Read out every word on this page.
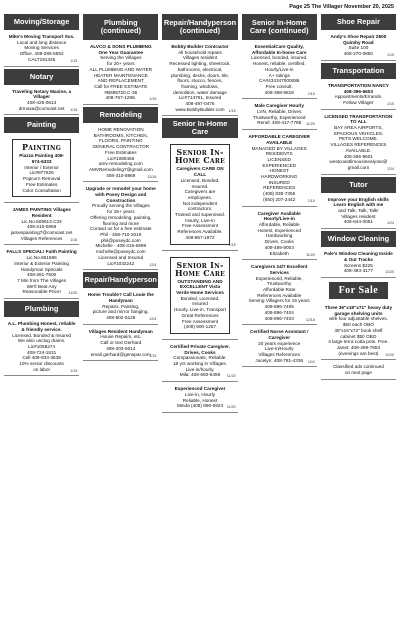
Page 25 The Villager November 20, 2025
Moving/Storage
Mike's Moving Transport Svs.
Local and long distance
Moving Services
Office. 408-286-5552
CALT191326	1/15
Notary
Traveling Notary Maxine, a Villager
408-425-0614
drmaxa@comcast.net	1/15
Painting
Painting
Piazza Painting 408-674-6333
Interior / Exterior
Lic#877626
Popcorn Removal
Free Estimates
Color Consultation
JAMES PAINTING Villages Resident
Lic.No.509613.C33
408-210-0859
jamespainting7@comcast.net
Villages References	1/15
FALLS SPECIAL! Faith Painting
Lic.No.651686
Interior & Exterior Painting
Handyman Specials
408-281-7500
7 Min from The Villages
We'll Beat Any
Reasonable Price!	11/20
Plumbing
A.L. Plumbing Honest, reliable & friendly service.
Licensed, Bonded & Insured
We also unclog drains.
Lic#1058274
408-724-1531
Cell 408-833-3638
10% senior discounts
on labor	1/15
Plumbing (continued)
ALVCO & SONS PLUMBING One Year Guarantee
Serving the Villages
for 20+ years
ALL PLUMBING AND WATER
HEATER MAINTENANCE
AND REPLACEMENT
Call for FREE ESTIMATE
#B585720,C-36
408-767-1298.	1/15
Remodeling
HOME RENOVATION
BATHROOMS, KITCHEN,
FLOORS, PAINTING
GENERAL CONTRACTOR
Free Estimates
Lic#1080465
amv-remodeling.com
AMVRemodeling7@gmail.com
408-310-8969	12/18
Upgrade or remodel your home with Posey Design and Construction
Proudly serving the Villages
for 25+ years
Offering remodeling, painting,
flooring and more
Contact us for a free estimate
Phil - 408-710-2019
phil@poseydc.com
Michelle - 408-315-6998
michelle@poseydc.com
Licensed and Insured
Lic#1032242	12/4
Repair/Handyperson
Home Trouble? Call Louie the Handyman
Repairs, Painting,
picture and mirror hanging.
408-802-6126	12/4
Villages Resident Handyman
House Repairs, etc.
Call or text Gerhard
408-203-6014
email gerhard@gerwpar.com
1/15
Repair/Handyperson (continued)
Bobby Builder Contractor
All household repairs
Villages resident
Recessed lighting, sheetrock,
bathrooms, electrical,
plumbing, decks, doors, tile,
floors, stucco, fences,
framing, windows,
demolition, water damage
Lic#714761, Insured
408-497-0476
www.BobbyBuilder.com	1/15
Senior In-Home Care
Senior In-Home Care
Caregivers CARE ON CALL
Licensed, Bonded, Insured.
Caregivers are employees.
Not independent contractors.
Trained and supervised.
Hourly, Live-in
Free Assessment
References Available.
408-857-1872
1/15
Senior In-Home Care
OUTSTANDING AND EXCELLENT Vista Verde Home Services
Bonded, Licensed, Insured
Hourly, Live-in, Transport
Great References
Free Assessment
(408) 600-1257
Certified Private Caregiver. Drives, Cooks
Compassionate, Reliable.
18 yrs working in Villages.
Live-in/hourly.
Mila: 408-660-6459	11/20
Experienced Caregiver
Live-in, Hourly
Reliable, Honest
Minda (408) 890-6923	11/20
Senior In-Home Care (continued)
EssentialCare Quality, Affordable In-home Care
Licensed, bonded, insured.
Honest, reliable, certified.
Hourly/Live-in
A+ ratings
CA#434347000086
Free consult.
408-368-9818	1/15
Male Caregiver Hourly
LVN, Reliable, Drives
Trustworthy, Experienced
Renel: 408-417-7788	11/20
AFFORDABLE CAREGIVER AVAILABLE
MANAGED BY VILLAGES
RESIDENTS
LICENSED
EXPERIENCED
HONEST
HARDWORKING
INSURED
REFERENCES
(408) 835-7355
(650) 207-2442	1/15
Caregiver Available Hourly/Live-in
Affordable, Reliable
Honest, Experienced
Hardworking
Drives, Cooks
408-489-9003
Elizabeth	11/20
Caregivers 24/7 Excellent Services
Experienced, Reliable,
Trustworthy
Affordable Rate
References Available
Serving Villagers for 15 years
408-896-7405
408-896-7404
408-896-7403	12/18
Certified Nurse Assistant / Caregiver
20 years experience
Live-in/Hourly
Villages References
Jocelyn: 408-781-4336	12/4
Shoe Repair
Andy's Shoe Repair 2800 Quimby Road
Suite 100
408-270-0850	1/15
Transportation
TRANSPORTATION NANCY 408-396-6603
Appointments/Errands.
Fellow Villager	1/15
LICENSED TRANSPORTATION TO ALL
BAY AREA AIRPORTS,
SPACIOUS VEHICLES.
PETS WELCOME.
VILLAGES REFERENCES
AVAILABLE.
408-255-9601
westcoastlimousinearjose@
gmail.com	12/4
Tutor
Improve your English skills Learn English with me
and Talk, Talk, Talk!
Villages resident
408-644-0051	12/4
Window Cleaning
Pale's Window Cleaning Inside & Out Tracks
Screens $225
408-393-3177	11/20
For Sale
Three 36"x18"x71" heavy duty garage shelving units
with four adjustable shelves.
$50 each OBO
38"x15"x72" book shelf
cabinet $50 OBO
4 large terra cotta pots. Free.
Janet: 408-499-7853
(evenings are best)	11/20
Classified ads continued
on next page
